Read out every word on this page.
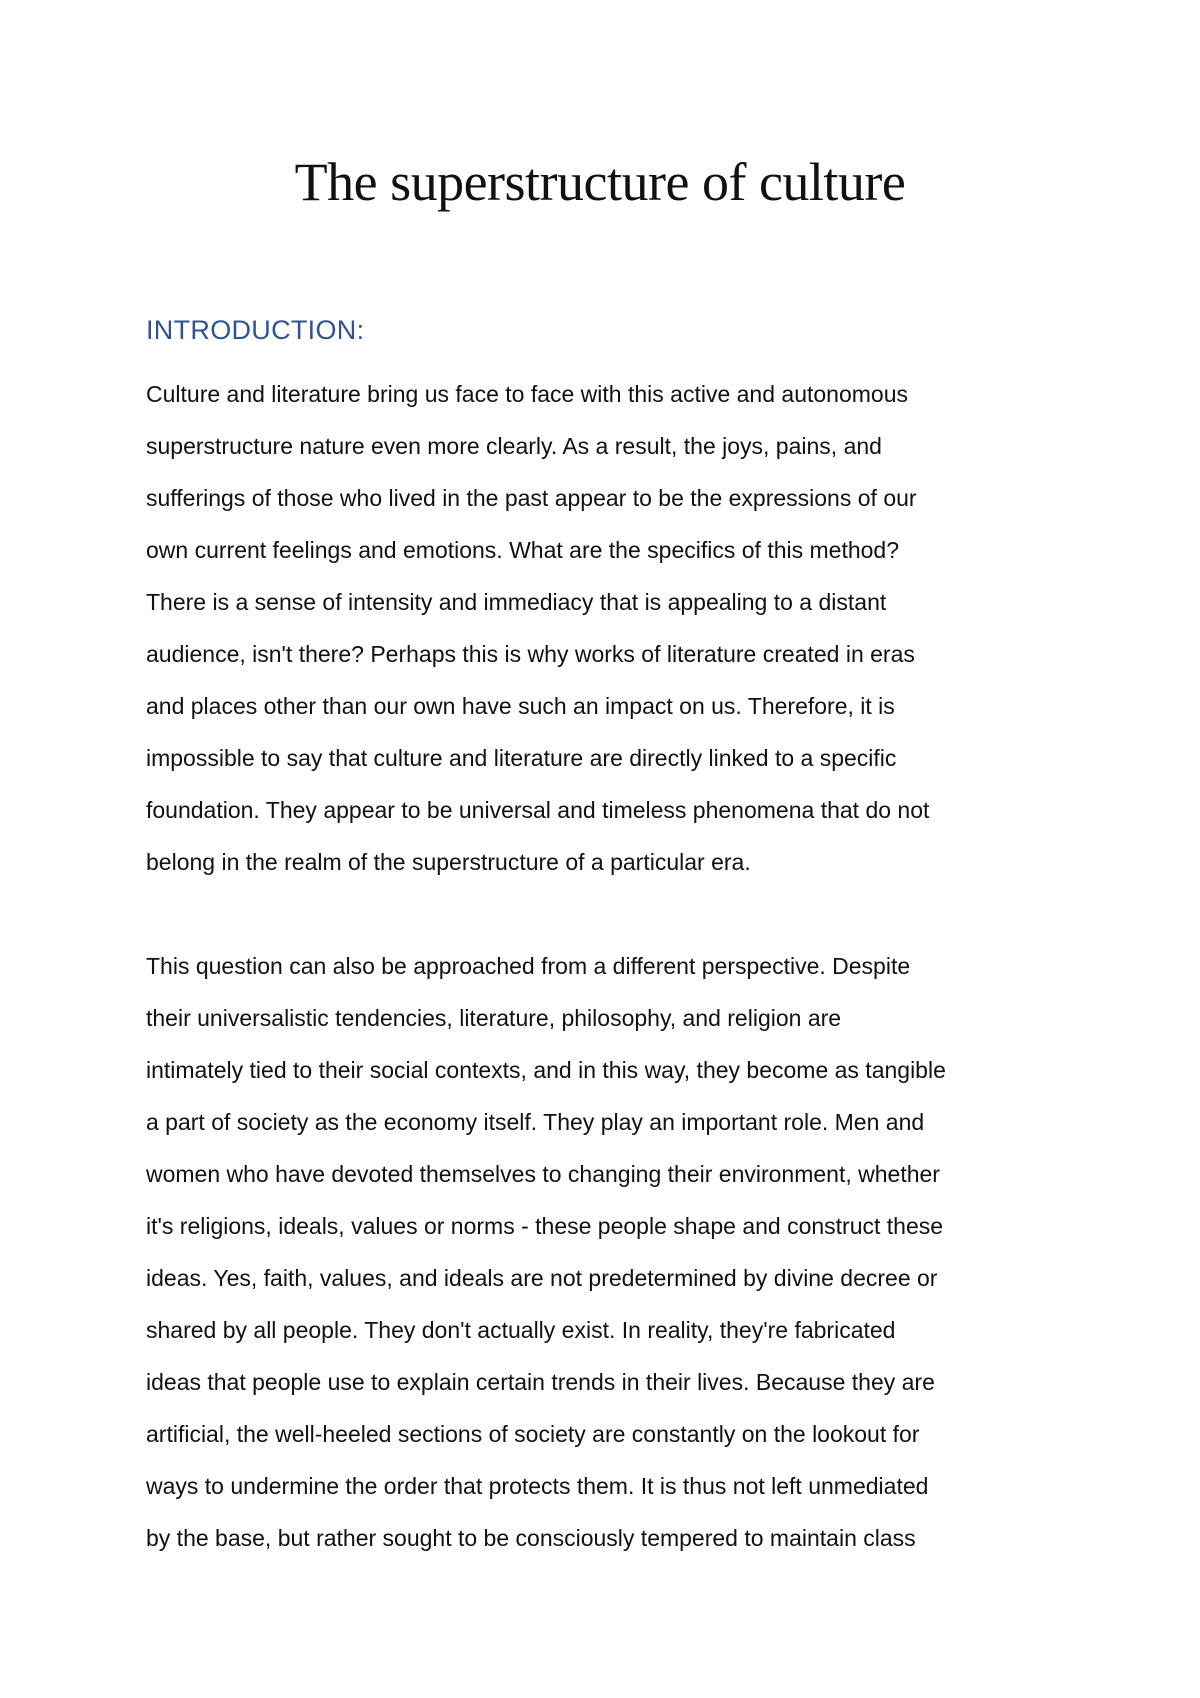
The superstructure of culture
INTRODUCTION:

Culture and literature bring us face to face with this active and autonomous
superstructure nature even more clearly. As a result, the joys, pains, and
sufferings of those who lived in the past appear to be the expressions of our
own current feelings and emotions. What are the specifics of this method?
There is a sense of intensity and immediacy that is appealing to a distant
audience, isn't there? Perhaps this is why works of literature created in eras
and places other than our own have such an impact on us. Therefore, it is
impossible to say that culture and literature are directly linked to a specific
foundation. They appear to be universal and timeless phenomena that do not
belong in the realm of the superstructure of a particular era.

This question can also be approached from a different perspective. Despite
their universalistic tendencies, literature, philosophy, and religion are
intimately tied to their social contexts, and in this way, they become as tangible
a part of society as the economy itself. They play an important role. Men and
women who have devoted themselves to changing their environment, whether
it's religions, ideals, values or norms - these people shape and construct these
ideas. Yes, faith, values, and ideals are not predetermined by divine decree or
shared by all people. They don't actually exist. In reality, they're fabricated
ideas that people use to explain certain trends in their lives. Because they are
artificial, the well-heeled sections of society are constantly on the lookout for
ways to undermine the order that protects them. It is thus not left unmediated
by the base, but rather sought to be consciously tempered to maintain class
